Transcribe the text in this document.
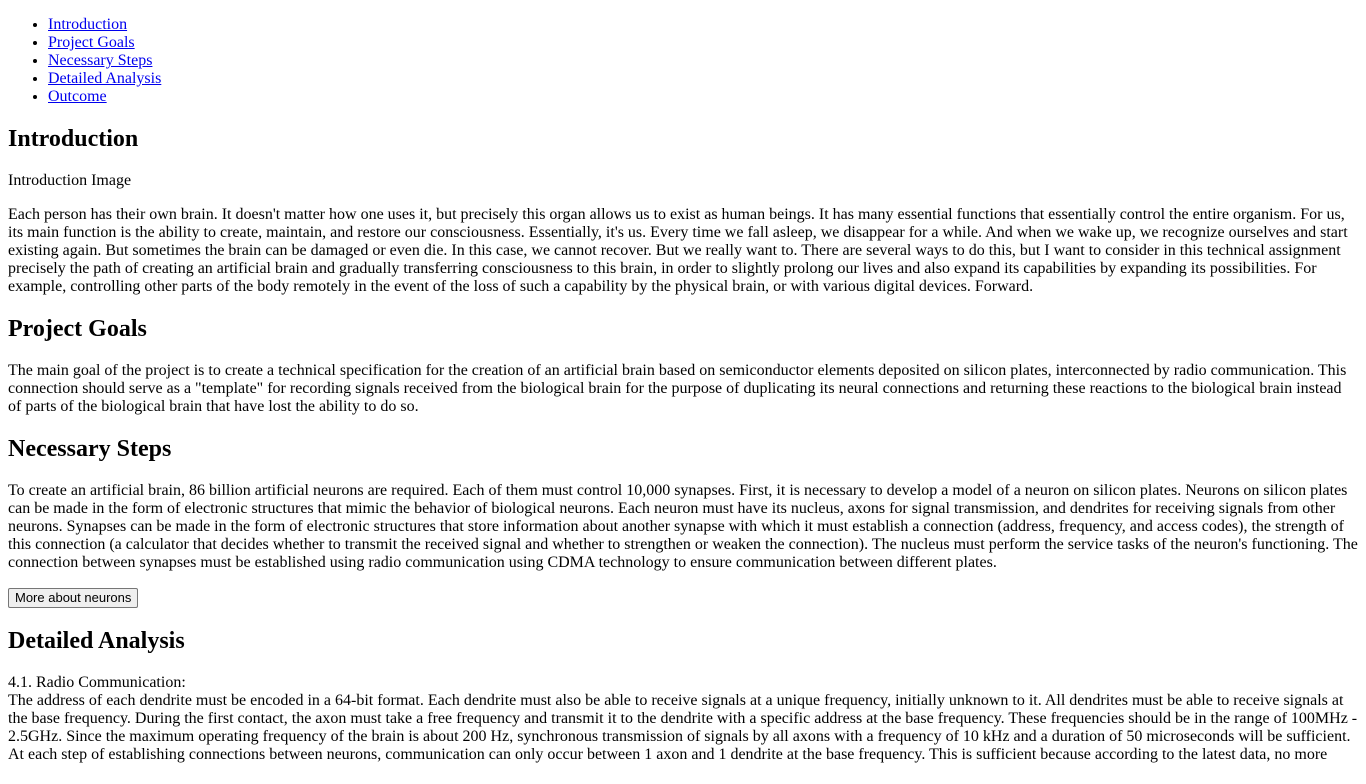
• Introduction
• Project Goals
• Necessary Steps
• Detailed Analysis
• Outcome
Introduction
Introduction Image

Each person has their own brain. It doesn't matter how one uses it, but precisely this organ allows us to exist as human beings. It has many essential functions that essentially control the entire organism. For us, its main function is the ability to create, maintain, and restore our consciousness. Essentially, it's us. Every time we fall asleep, we disappear for a while. And when we wake up, we recognize ourselves and start existing again. But sometimes the brain can be damaged or even die. In this case, we cannot recover. But we really want to. There are several ways to do this, but I want to consider in this technical assignment precisely the path of creating an artificial brain and gradually transferring consciousness to this brain, in order to slightly prolong our lives and also expand its capabilities by expanding its possibilities. For example, controlling other parts of the body remotely in the event of the loss of such a capability by the physical brain, or with various digital devices. Forward.

Project Goals

The main goal of the project is to create a technical specification for the creation of an artificial brain based on semiconductor elements deposited on silicon plates, interconnected by radio communication. This connection should serve as a "template" for recording signals received from the biological brain for the purpose of duplicating its neural connections and returning these reactions to the biological brain instead of parts of the biological brain that have lost the ability to do so.

Necessary Steps

To create an artificial brain, 86 billion artificial neurons are required. Each of them must control 10,000 synapses. First, it is necessary to develop a model of a neuron on silicon plates. Neurons on silicon plates can be made in the form of electronic structures that mimic the behavior of biological neurons. Each neuron must have its nucleus, axons for signal transmission, and dendrites for receiving signals from other neurons. Synapses can be made in the form of electronic structures that store information about another synapse with which it must establish a connection (address, frequency, and access codes), the strength of this connection (a calculator that decides whether to transmit the received signal and whether to strengthen or weaken the connection). The nucleus must perform the service tasks of the neuron's functioning. The connection between synapses must be established using radio communication using CDMA technology to ensure communication between different plates.

More about neurons
Detailed Analysis

4.1. Radio Communication:
The address of each dendrite must be encoded in a 64-bit format. Each dendrite must also be able to receive signals at a unique frequency, initially unknown to it. All dendrites must be able to receive signals at the base frequency. During the first contact, the axon must take a free frequency and transmit it to the dendrite with a specific address at the base frequency. These frequencies should be in the range of 100MHz - 2.5GHz. Since the maximum operating frequency of the brain is about 200 Hz, synchronous transmission of signals by all axons with a frequency of 10 kHz and a duration of 50 microseconds will be sufficient. At each step of establishing connections between neurons, communication can only occur between 1 axon and 1 dendrite at the base frequency. This is sufficient because according to the latest data, no more
